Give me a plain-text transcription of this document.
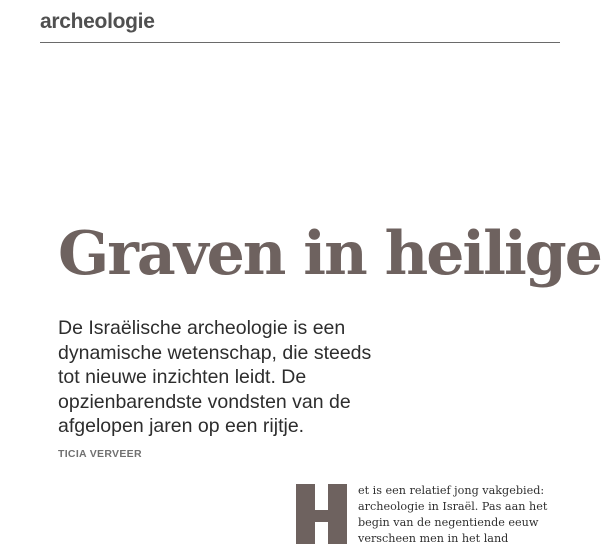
archeologie
Graven in heilige
De Israëlische archeologie is een
dynamische wetenschap, die steeds
tot nieuwe inzichten leidt. De
opzienbarendste vondsten van de
afgelopen jaren op een rijtje.
TICIA VERVEER
et is een relatief jong vakgebied:
archeologie in Israël. Pas aan het
begin van de negentiende eeuw
verscheen men in het land
